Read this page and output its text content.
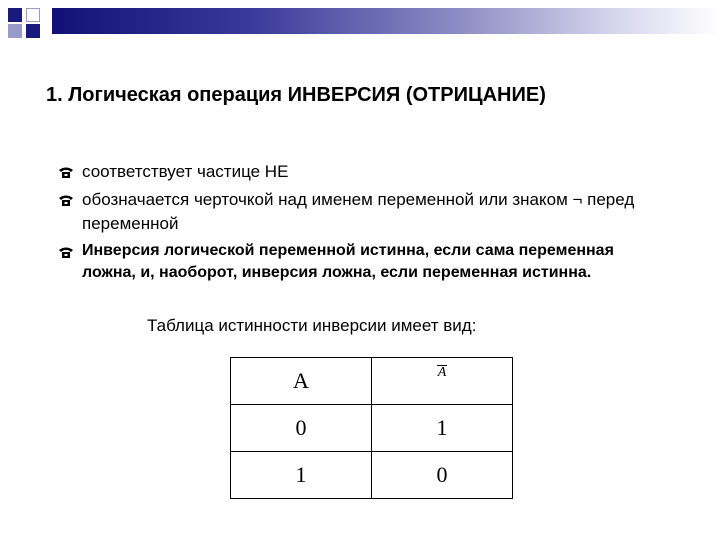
1. Логическая операция ИНВЕРСИЯ (ОТРИЦАНИЕ)
соответствует частице НЕ
обозначается черточкой над именем переменной или знаком ¬ перед переменной
Инверсия логической переменной истинна, если сама переменная ложна, и, наоборот, инверсия ложна, если переменная истинна.
Таблица истинности инверсии имеет вид:
А	A
0	1
1	0
